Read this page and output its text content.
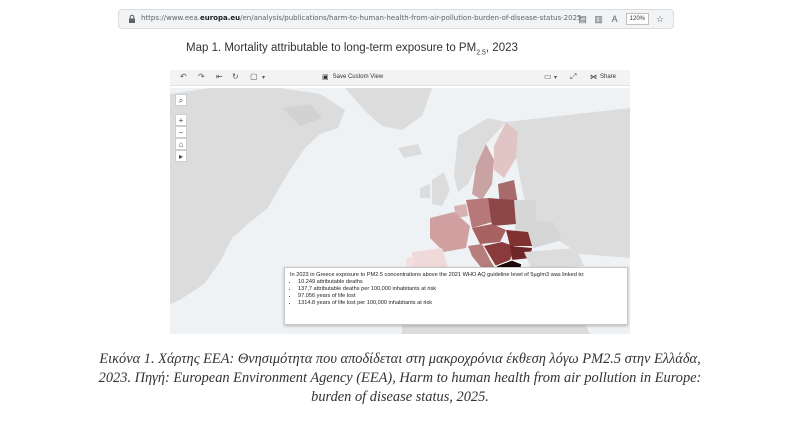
https://www.eea.europa.eu/en/analysis/publications/harm-to-human-health-from-air-pollution-burden-of-disease-status-2025
▤ ▥ A	120%	☆
Map 1. Mortality attributable to long-term exposure to $PM_{2.5}$, 2023
↶ ↷ ⇤ ↻ ▢ ▾	▣ Save Custom View	▭ ▾ ⤢ ⋈ Share
⌕
+
−
⌂
▸
In 2023 in Greece exposure to PM2.5 concentrations above the 2021 WHO AQ guideline level of 5µg/m3 was linked to:
• 10.249 attributable deaths
• 137,7 attributable deaths per 100,000 inhabitants at risk
• 97.056 years of life lost
• 1314.8 years of life lost per 100,000 inhabitants at risk
Εικόνα 1. Χάρτης ΕΕΑ: Θνησιμότητα που αποδίδεται στη μακροχρόνια έκθεση λόγω PM2.5 στην Ελλάδα,
2023. Πηγή: European Environment Agency (EEA), Harm to human health from air pollution in Europe:
burden of disease status, 2025.
